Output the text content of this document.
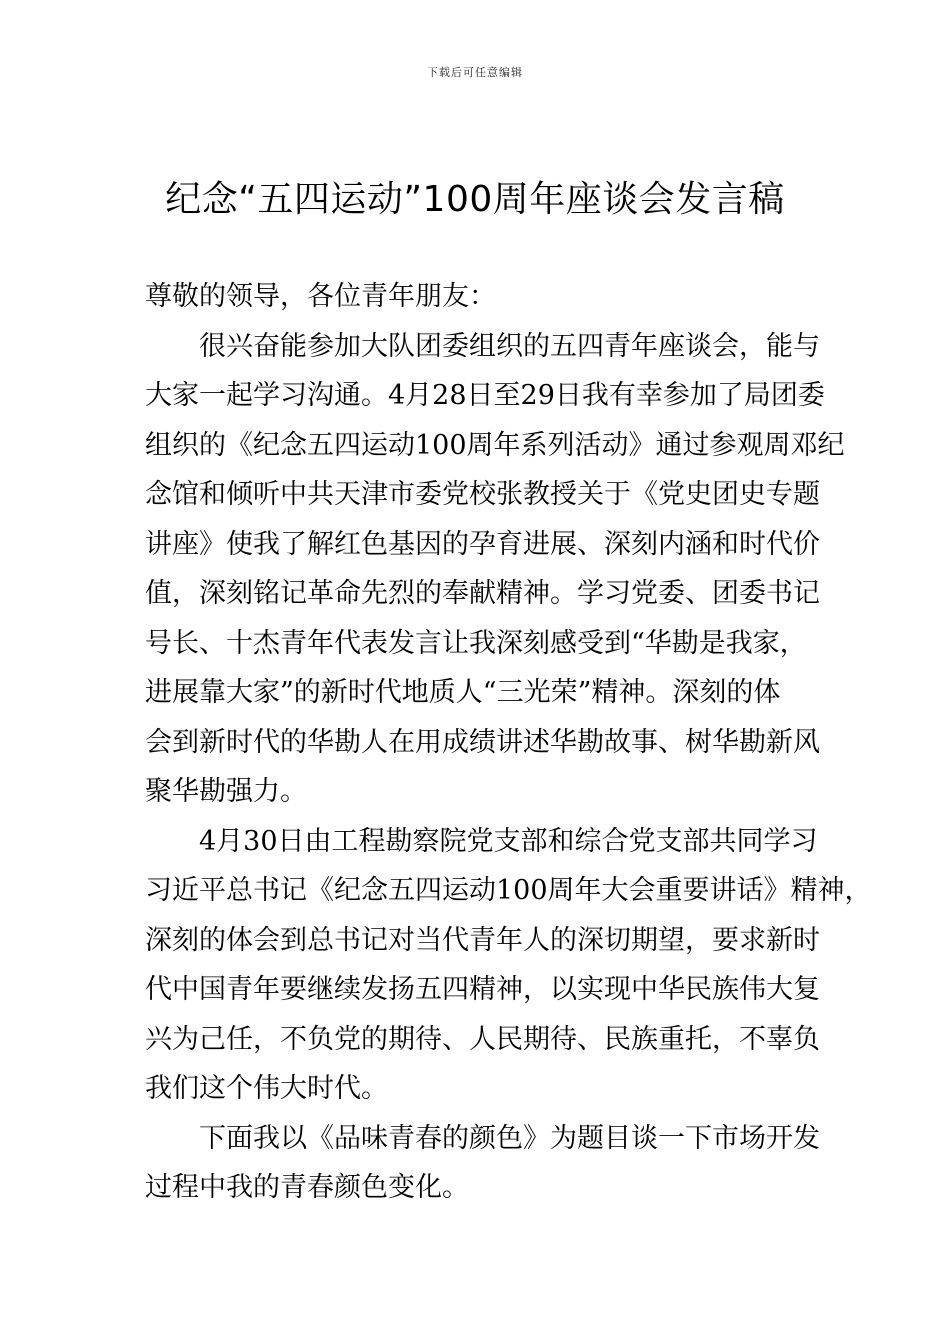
下载后可任意编辑
纪念“五四运动”100周年座谈会发言稿
尊敬的领导，各位青年朋友：
很兴奋能参加大队团委组织的五四青年座谈会，能与
大家一起学习沟通。4月28日至29日我有幸参加了局团委
组织的《纪念五四运动100周年系列活动》通过参观周邓纪
念馆和倾听中共天津市委党校张教授关于《党史团史专题
讲座》使我了解红色基因的孕育进展、深刻内涵和时代价
值，深刻铭记革命先烈的奉献精神。学习党委、团委书记
号长、十杰青年代表发言让我深刻感受到“华勘是我家，
进展靠大家”的新时代地质人“三光荣”精神。深刻的体
会到新时代的华勘人在用成绩讲述华勘故事、树华勘新风
聚华勘强力。
4月30日由工程勘察院党支部和综合党支部共同学习
习近平总书记《纪念五四运动100周年大会重要讲话》精神，
深刻的体会到总书记对当代青年人的深切期望，要求新时
代中国青年要继续发扬五四精神，以实现中华民族伟大复
兴为己任，不负党的期待、人民期待、民族重托，不辜负
我们这个伟大时代。
下面我以《品味青春的颜色》为题目谈一下市场开发
过程中我的青春颜色变化。
